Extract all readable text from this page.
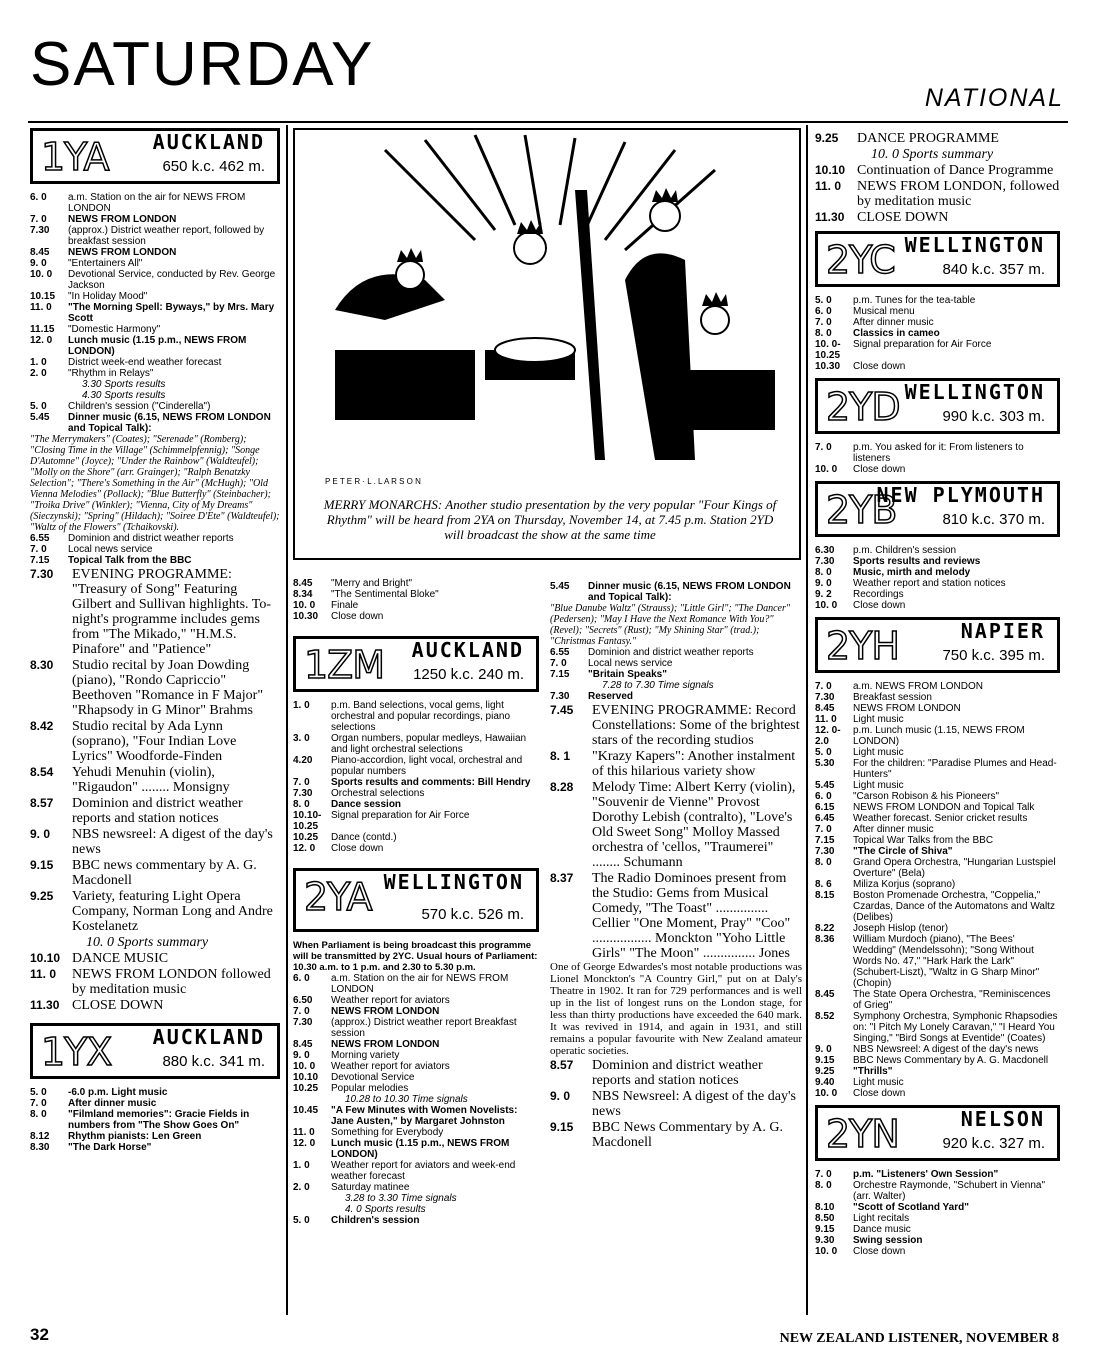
SATURDAY	NATIONAL
1YA AUCKLAND
650 k.c. 462 m.
6. 0	a.m. Station on the air for NEWS FROM LONDON
7. 0	NEWS FROM LONDON
7.30	(approx.) District weather report, followed by breakfast session
8.45	NEWS FROM LONDON
9. 0	"Entertainers All"
10. 0	Devotional Service, conducted by Rev. George Jackson
10.15	"In Holiday Mood"
11. 0	"The Morning Spell: Byways," by Mrs. Mary Scott
11.15	"Domestic Harmony"
12. 0	Lunch music (1.15 p.m., NEWS FROM LONDON)
1. 0	District week-end weather forecast
2. 0	"Rhythm in Relays"
3.30 Sports results
4.30 Sports results
5. 0	Children's session ("Cinderella")
5.45	Dinner music (6.15, NEWS FROM LONDON and Topical Talk):
"The Merrymakers" (Coates); "Serenade" (Romberg); "Closing Time in the Village" (Schimmelpfennig); "Songe D'Automne" (Joyce); "Under the Rainbow" (Waldteufel); "Molly on the Shore" (arr. Grainger); "Ralph Benatzky Selection"; "There's Something in the Air" (McHugh); "Old Vienna Melodies" (Pollack); "Blue Butterfly" (Steinbacher); "Troika Drive" (Winkler); "Vienna, City of My Dreams" (Sieczynski); "Spring" (Hildach); "Soiree D'Ete" (Waldteufel); "Waltz of the Flowers" (Tchaikovski).
6.55	Dominion and district weather reports
7. 0	Local news service
7.15	Topical Talk from the BBC
7.30	EVENING PROGRAMME: "Treasury of Song" Featuring Gilbert and Sullivan highlights. To-night's programme includes gems from "The Mikado," "H.M.S. Pinafore" and "Patience"
8.30	Studio recital by Joan Dowding (piano), "Rondo Capriccio" Beethoven "Romance in F Major" "Rhapsody in G Minor" Brahms
8.42	Studio recital by Ada Lynn (soprano), "Four Indian Love Lyrics" Woodforde-Finden
8.54	Yehudi Menuhin (violin), "Rigaudon" ........ Monsigny
8.57	Dominion and district weather reports and station notices
9. 0	NBS newsreel: A digest of the day's news
9.15	BBC news commentary by A. G. Macdonell
9.25	Variety, featuring Light Opera Company, Norman Long and Andre Kostelanetz
10. 0 Sports summary
10.10 DANCE MUSIC
11. 0	NEWS FROM LONDON followed by meditation music
11.30 CLOSE DOWN
1YX AUCKLAND
880 k.c. 341 m.
5. 0	-6.0 p.m. Light music
7. 0	After dinner music
8. 0	"Filmland memories": Gracie Fields in numbers from "The Show Goes On"
8.12	Rhythm pianists: Len Green
8.30	"The Dark Horse"
P E T E R · L . L A R S O N
MERRY MONARCHS: Another studio presentation by the very popular "Four Kings of Rhythm" will be heard from 2YA on Thursday, November 14, at 7.45 p.m. Station 2YD will broadcast the show at the same time
8.45	"Merry and Bright"
8.34	"The Sentimental Bloke"
10. 0	Finale
10.30	Close down
1ZM AUCKLAND
1250 k.c. 240 m.
1. 0	p.m. Band selections, vocal gems, light orchestral and popular recordings, piano selections
3. 0	Organ numbers, popular medleys, Hawaiian and light orchestral selections
4.20	Piano-accordion, light vocal, orchestral and popular numbers
7. 0	Sports results and comments: Bill Hendry
7.30	Orchestral selections
8. 0	Dance session
10.10-10.25
Signal preparation for Air Force
10.25	Dance (contd.)
12. 0	Close down
2YA WELLINGTON
570 k.c. 526 m.
When Parliament is being broadcast this programme will be transmitted by 2YC. Usual hours of Parliament: 10.30 a.m. to 1 p.m. and 2.30 to 5.30 p.m.
6. 0	a.m. Station on the air for NEWS FROM LONDON
6.50	Weather report for aviators
7. 0	NEWS FROM LONDON
7.30	(approx.) District weather report Breakfast session
8.45	NEWS FROM LONDON
9. 0	Morning variety
10. 0	Weather report for aviators
10.10	Devotional Service
10.25	Popular melodies
10.28 to 10.30 Time signals
10.45	"A Few Minutes with Women Novelists: Jane Austen," by Margaret Johnston
11. 0	Something for Everybody
12. 0	Lunch music (1.15 p.m., NEWS FROM LONDON)
1. 0	Weather report for aviators and week-end weather forecast
2. 0	Saturday matinee
3.28 to 3.30 Time signals
4. 0 Sports results
5. 0	Children's session
5.45	Dinner music (6.15, NEWS FROM LONDON and Topical Talk):
"Blue Danube Waltz" (Strauss); "Little Girl"; "The Dancer" (Pedersen); "May I Have the Next Romance With You?" (Revel); "Secrets" (Rust); "My Shining Star" (trad.); "Christmas Fantasy."
6.55	Dominion and district weather reports
7. 0	Local news service
7.15	"Britain Speaks"
7.28 to 7.30 Time signals
7.30	Reserved
7.45	EVENING PROGRAMME: Record Constellations: Some of the brightest stars of the recording studios
8. 1	"Krazy Kapers": Another instalment of this hilarious variety show
8.28	Melody Time: Albert Kerry (violin), "Souvenir de Vienne" Provost Dorothy Lebish (contralto), "Love's Old Sweet Song" Molloy Massed orchestra of 'cellos, "Traumerei" ........ Schumann
8.37	The Radio Dominoes present from the Studio: Gems from Musical Comedy, "The Toast" ............... Cellier "One Moment, Pray" "Coo" ................. Monckton "Yoho Little Girls" "The Moon" ............... Jones
One of George Edwardes's most notable productions was Lionel Monckton's "A Country Girl," put on at Daly's Theatre in 1902. It ran for 729 performances and is well up in the list of longest runs on the London stage, for less than thirty productions have exceeded the 640 mark. It was revived in 1914, and again in 1931, and still remains a popular favourite with New Zealand amateur operatic societies.
8.57	Dominion and district weather reports and station notices
9. 0	NBS Newsreel: A digest of the day's news
9.15	BBC News Commentary by A. G. Macdonell
9.25	DANCE PROGRAMME
10. 0 Sports summary
10.10 Continuation of Dance Programme
11. 0	NEWS FROM LONDON, followed by meditation music
11.30 CLOSE DOWN
2YC WELLINGTON
840 k.c. 357 m.
5. 0	p.m. Tunes for the tea-table
6. 0	Musical menu
7. 0	After dinner music
8. 0	Classics in cameo
10. 0-10.25
Signal preparation for Air Force
10.30	Close down
2YD WELLINGTON
990 k.c. 303 m.
7. 0	p.m. You asked for it: From listeners to listeners
10. 0	Close down
2YB
NEW PLYMOUTH
810 k.c. 370 m.
6.30	p.m. Children's session
7.30	Sports results and reviews
8. 0	Music, mirth and melody
9. 0	Weather report and station notices
9. 2	Recordings
10. 0	Close down
2YH	NAPIER
750 k.c. 395 m.
7. 0	a.m. NEWS FROM LONDON
7.30	Breakfast session
8.45	NEWS FROM LONDON
11. 0	Light music
12. 0-2.0
p.m. Lunch music (1.15, NEWS FROM LONDON)
5. 0	Light music
5.30	For the children: "Paradise Plumes and Head-Hunters"
5.45	Light music
6. 0	"Carson Robison & his Pioneers"
6.15	NEWS FROM LONDON and Topical Talk
6.45	Weather forecast. Senior cricket results
7. 0	After dinner music
7.15	Topical War Talks from the BBC
7.30	"The Circle of Shiva"
8. 0	Grand Opera Orchestra, "Hungarian Lustspiel Overture" (Bela)
8. 6	Miliza Korjus (soprano)
8.15	Boston Promenade Orchestra, "Coppelia," Czardas, Dance of the Automatons and Waltz (Delibes)
8.22	Joseph Hislop (tenor)
8.36	William Murdoch (piano), "The Bees' Wedding" (Mendelssohn); "Song Without Words No. 47," "Hark Hark the Lark" (Schubert-Liszt), "Waltz in G Sharp Minor" (Chopin)
8.45	The State Opera Orchestra, "Reminiscences of Grieg"
8.52	Symphony Orchestra, Symphonic Rhapsodies on: "I Pitch My Lonely Caravan," "I Heard You Singing," "Bird Songs at Eventide" (Coates)
9. 0	NBS Newsreel: A digest of the day's news
9.15	BBC News Commentary by A. G. Macdonell
9.25	"Thrills"
9.40	Light music
10. 0	Close down
2YN	NELSON
920 k.c. 327 m.
7. 0	p.m. "Listeners' Own Session"
8. 0	Orchestre Raymonde, "Schubert in Vienna" (arr. Walter)
8.10	"Scott of Scotland Yard"
8.50	Light recitals
9.15	Dance music
9.30	Swing session
10. 0	Close down
32	NEW ZEALAND LISTENER, NOVEMBER 8
